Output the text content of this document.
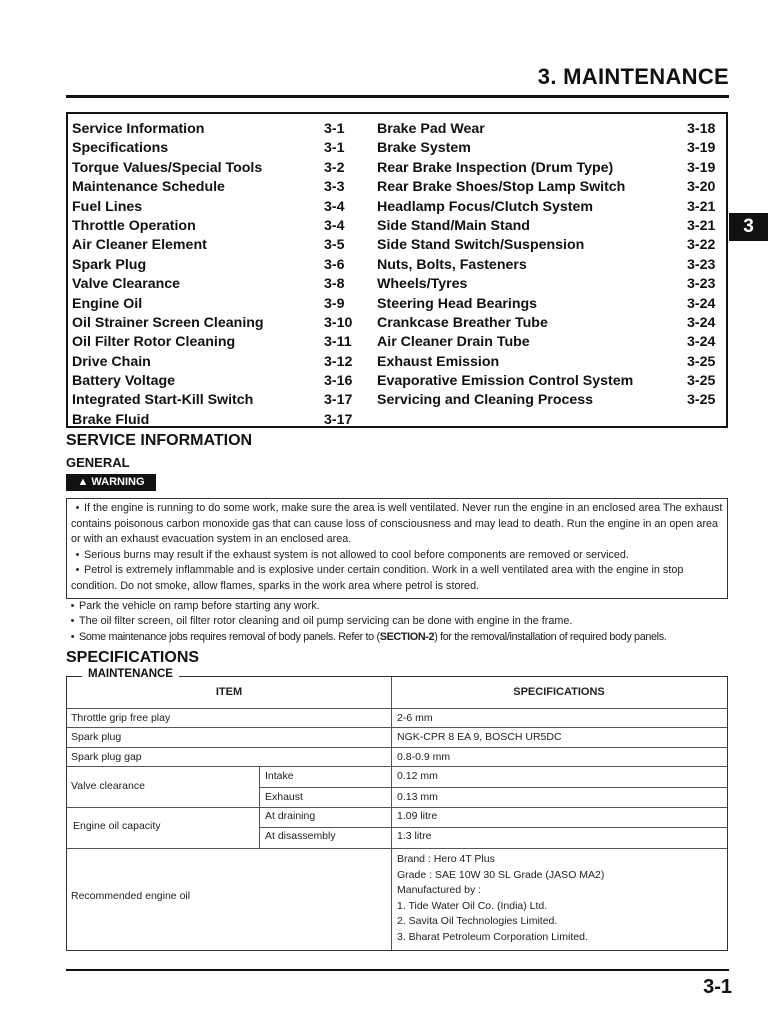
3. MAINTENANCE
3
Service Information	3-1
Specifications	3-1
Torque Values/Special Tools	3-2
Maintenance Schedule	3-3
Fuel Lines	3-4
Throttle Operation	3-4
Air Cleaner Element	3-5
Spark Plug	3-6
Valve Clearance	3-8
Engine Oil	3-9
Oil Strainer Screen Cleaning	3-10
Oil Filter Rotor Cleaning	3-11
Drive Chain	3-12
Battery Voltage	3-16
Integrated Start-Kill Switch	3-17
Brake Fluid	3-17
Brake Pad Wear	3-18
Brake System	3-19
Rear Brake Inspection (Drum Type)	3-19
Rear Brake Shoes/Stop Lamp Switch	3-20
Headlamp Focus/Clutch System	3-21
Side Stand/Main Stand	3-21
Side Stand Switch/Suspension	3-22
Nuts, Bolts, Fasteners	3-23
Wheels/Tyres	3-23
Steering Head Bearings	3-24
Crankcase Breather Tube	3-24
Air Cleaner Drain Tube	3-24
Exhaust Emission	3-25
Evaporative Emission Control System	3-25
Servicing and Cleaning Process	3-25
SERVICE INFORMATION
GENERAL
▲ WARNING
• If the engine is running to do some work, make sure the area is well ventilated. Never run the engine in an enclosed area The exhaust contains poisonous carbon monoxide gas that can cause loss of consciousness and may lead to death. Run the engine in an open area or with an exhaust evacuation system in an enclosed area.
• Serious burns may result if the exhaust system is not allowed to cool before components are removed or serviced.
• Petrol is extremely inflammable and is explosive under certain condition. Work in a well ventilated area with the engine in stop condition. Do not smoke, allow flames, sparks in the work area where petrol is stored.
• Park the vehicle on ramp before starting any work.
• The oil filter screen, oil filter rotor cleaning and oil pump servicing can be done with engine in the frame.
• Some maintenance jobs requires removal of body panels. Refer to (SECTION-2) for the removal/installation of required body panels.
SPECIFICATIONS
ITEM	SPECIFICATIONS
Throttle grip free play	2-6 mm
Spark plug	NGK-CPR 8 EA 9, BOSCH UR5DC
Spark plug gap	0.8-0.9 mm
Valve clearance
Intake	0.12 mm
Exhaust	0.13 mm
Engine oil capacity
At draining	1.09 litre
At disassembly	1.3 litre
Recommended engine oil
Brand : Hero 4T Plus
Grade : SAE 10W 30 SL Grade (JASO MA2)
Manufactured by :
1. Tide Water Oil Co. (India) Ltd.
2. Savita Oil Technologies Limited.
3. Bharat Petroleum Corporation Limited.
MAINTENANCE
3-1
